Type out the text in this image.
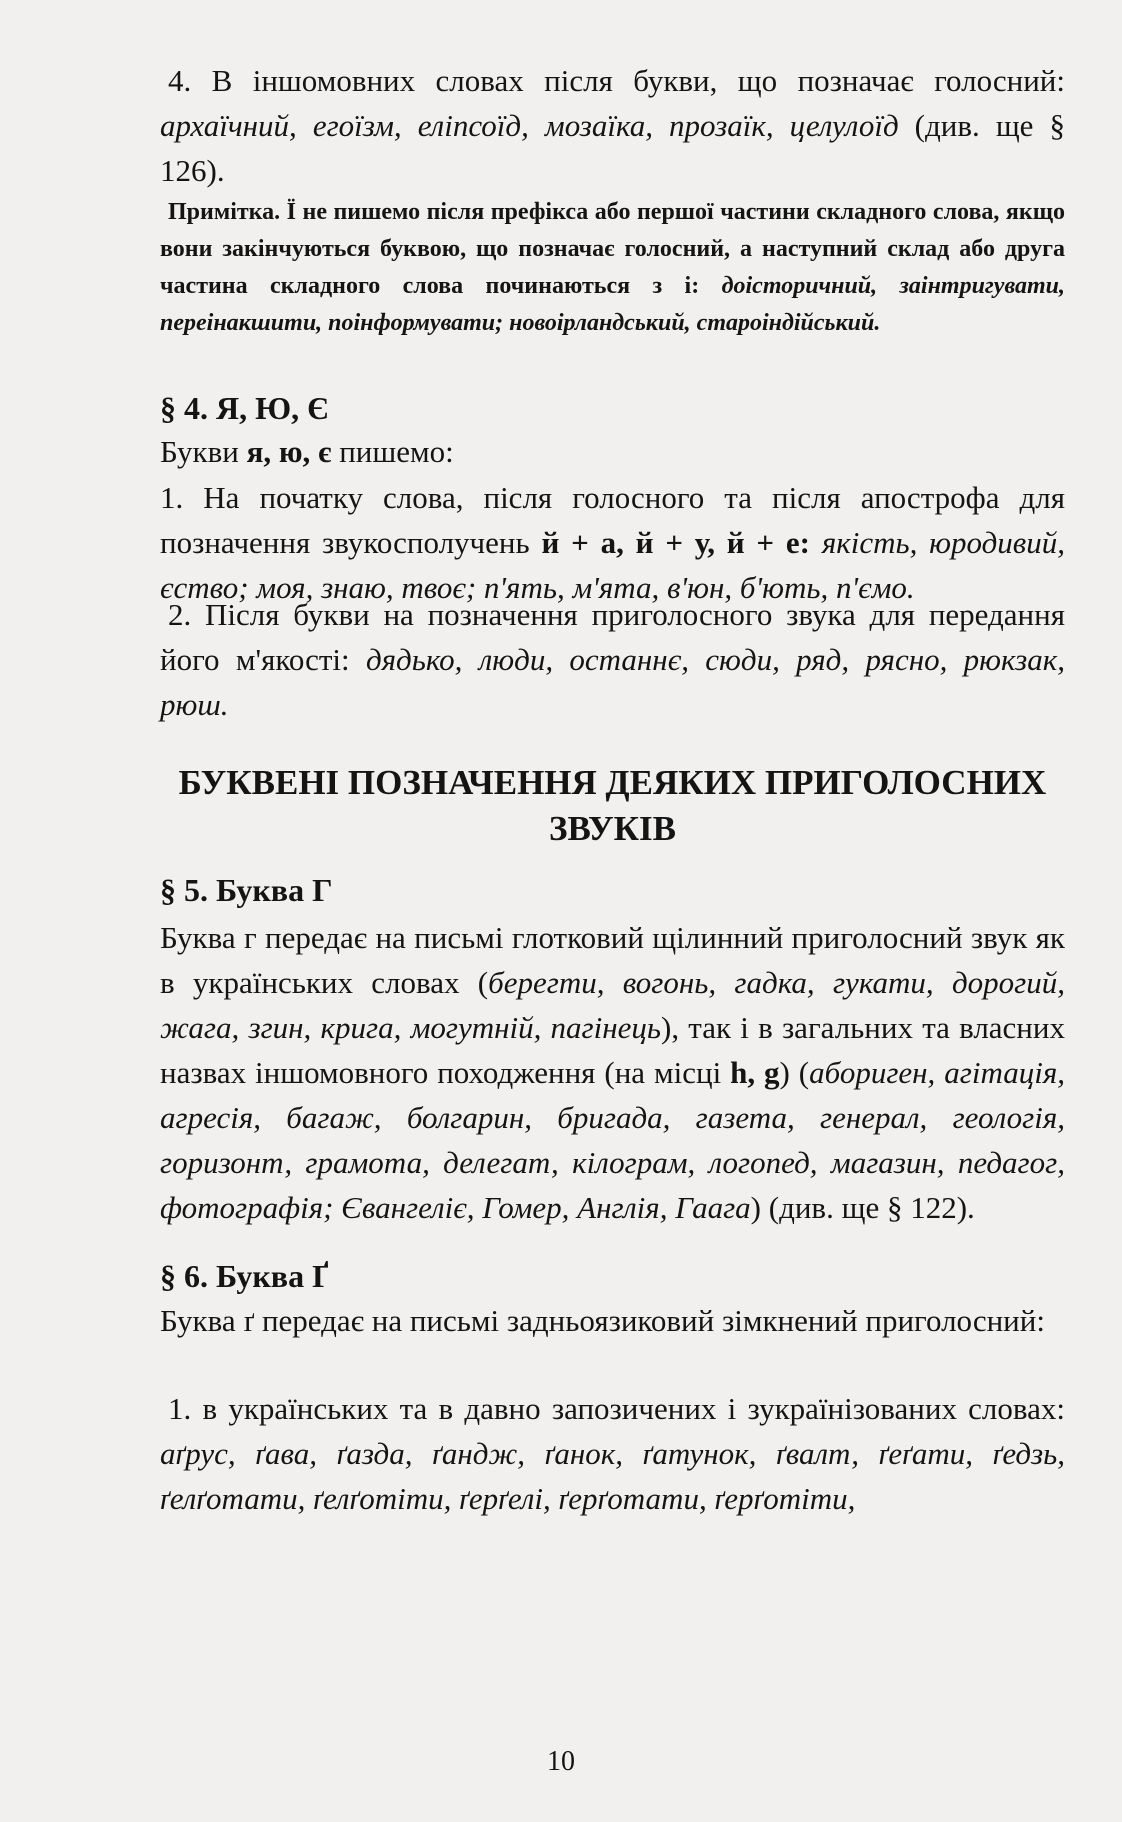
4. В іншомовних словах після букви, що позначає голосний: архаїчний, егоїзм, еліпсоїд, мозаїка, прозаїк, целулоїд (див. ще § 126).
Примітка. Ї не пишемо після префікса або першої частини складного слова, якщо вони закінчуються буквою, що позначає голосний, а наступний склад або друга частина складного слова починаються з і: доісторичний, заінтригувати, переінакшити, поінформувати; новоірландський, староіндійський.
§ 4. Я, Ю, Є
Букви я, ю, є пишемо:
1. На початку слова, після голосного та після апострофа для позначення звукосполучень й + а, й + у, й + е: якість, юродивий, єство; моя, знаю, твоє; п'ять, м'ята, в'юн, б'ють, п'ємо.
2. Після букви на позначення приголосного звука для передання його м'якості: дядько, люди, останнє, сюди, ряд, рясно, рюкзак, рюш.
БУКВЕНІ ПОЗНАЧЕННЯ ДЕЯКИХ ПРИГОЛОСНИХ ЗВУКІВ
§ 5. Буква Г
Буква г передає на письмі глотковий щілинний приголосний звук як в українських словах (берегти, вогонь, гадка, гукати, дорогий, жага, згин, крига, могутній, пагінець), так і в загальних та власних назвах іншомовного походження (на місці h, g) (абориген, агітація, агресія, багаж, болгарин, бригада, газета, генерал, геологія, горизонт, грамота, делегат, кілограм, логопед, магазин, педагог, фотографія; Євангеліє, Гомер, Англія, Гаага) (див. ще § 122).
§ 6. Буква Ґ
Буква ґ передає на письмі задньоязиковий зімкнений приголосний:
1. в українських та в давно запозичених і зукраїнізованих словах: аґрус, ґава, ґазда, ґандж, ґанок, ґатунок, ґвалт, ґеґати, ґедзь, ґелґотати, ґелґотіти, ґерґелі, ґерґотати, ґерґотіти,
10
